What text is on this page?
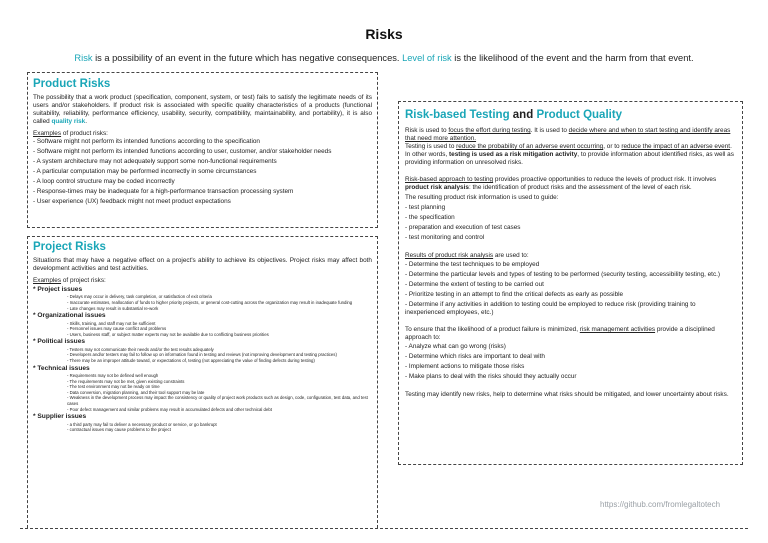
Risks
Risk is a possibility of an event in the future which has negative consequences. Level of risk is the likelihood of the event and the harm from that event.
Product Risks

The possibility that a work product (specification, component, system, or test) fails to satisfy the legitimate needs of its users and/or stakeholders. If product risk is associated with specific quality characteristics of a products (functional suitability, reliability, performance efficiency, usability, security, compatibility, maintainability, and portability), it is also called quality risk.

Examples of product risks:

- Software might not perform its intended functions according to the specification

- Software might not perform its intended functions according to user, customer, and/or stakeholder needs

- A system architecture may not adequately support some non-functional requirements

- A particular computation may be performed incorrectly in some circumstances

- A loop control structure may be coded incorrectly

- Response-times may be inadequate for a high-performance transaction processing system

- User experience (UX) feedback might not meet product expectations

Project Risks

Situations that may have a negative effect on a project's ability to achieve its objectives. Project risks may affect both development activities and test activities.

Examples of project risks:

* Project issues

- Delays may occur in delivery, task completion, or satisfaction of exit criteria

- Inaccurate estimates, reallocation of funds to higher priority projects, or general cost-cutting across the organization may result in inadequate funding

- Late changes may result in substantial re-work

* Organizational issues

- Skills, training, and staff may not be sufficient

- Personnel issues may cause conflict and problems

- Users, business staff, or subject matter experts may not be available due to conflicting business priorities

* Political issues

- Testers may not communicate their needs and/or the test results adequately

- Developers and/or testers may fail to follow up on information found in testing and reviews (not improving development and testing practices)

- There may be an improper attitude toward, or expectations of, testing (not appreciating the value of finding defects during testing)

* Technical issues

- Requirements may not be defined well enough

- The requirements may not be met, given existing constraints

- The test environment may not be ready on time

- Data conversion, migration planning, and their tool support may be late

- Weakness in the development process may impact the consistency or quality of project work products such as design, code, configuration, test data, and test cases

- Poor defect management and similar problems may result in accumulated defects and other technical debt

* Supplier issues

- a third party may fail to deliver a necessary product or service, or go bankrupt

- contractual issues may cause problems to the project

Risk-based Testing and Product Quality

Risk is used to focus the effort during testing. It is used to decide where and when to start testing and identify areas that need more attention.

Testing is used to reduce the probability of an adverse event occurring, or to reduce the impact of an adverse event. In other words, testing is used as a risk mitigation activity, to provide information about identified risks, as well as providing information on unresolved risks.

Risk-based approach to testing provides proactive opportunities to reduce the levels of product risk. It involves product risk analysis: the identification of product risks and the assessment of the level of each risk.

The resulting product risk information is used to guide:

- test planning

- the specification

- preparation and execution of test cases

- test monitoring and control

Results of product risk analysis are used to:

- Determine the test techniques to be employed

- Determine the particular levels and types of testing to be performed (security testing, accessibility testing, etc.)

- Determine the extent of testing to be carried out

- Prioritize testing in an attempt to find the critical defects as early as possible

- Determine if any activities in addition to testing could be employed to reduce risk (providing training to inexperienced employees, etc.)

To ensure that the likelihood of a product failure is minimized, risk management activities provide a disciplined approach to:

- Analyze what can go wrong (risks)

- Determine which risks are important to deal with

- Implement actions to mitigate those risks

- Make plans to deal with the risks should they actually occur

Testing may identify new risks, help to determine what risks should be mitigated, and lower uncertainty about risks.

https://github.com/fromlegaltotech
